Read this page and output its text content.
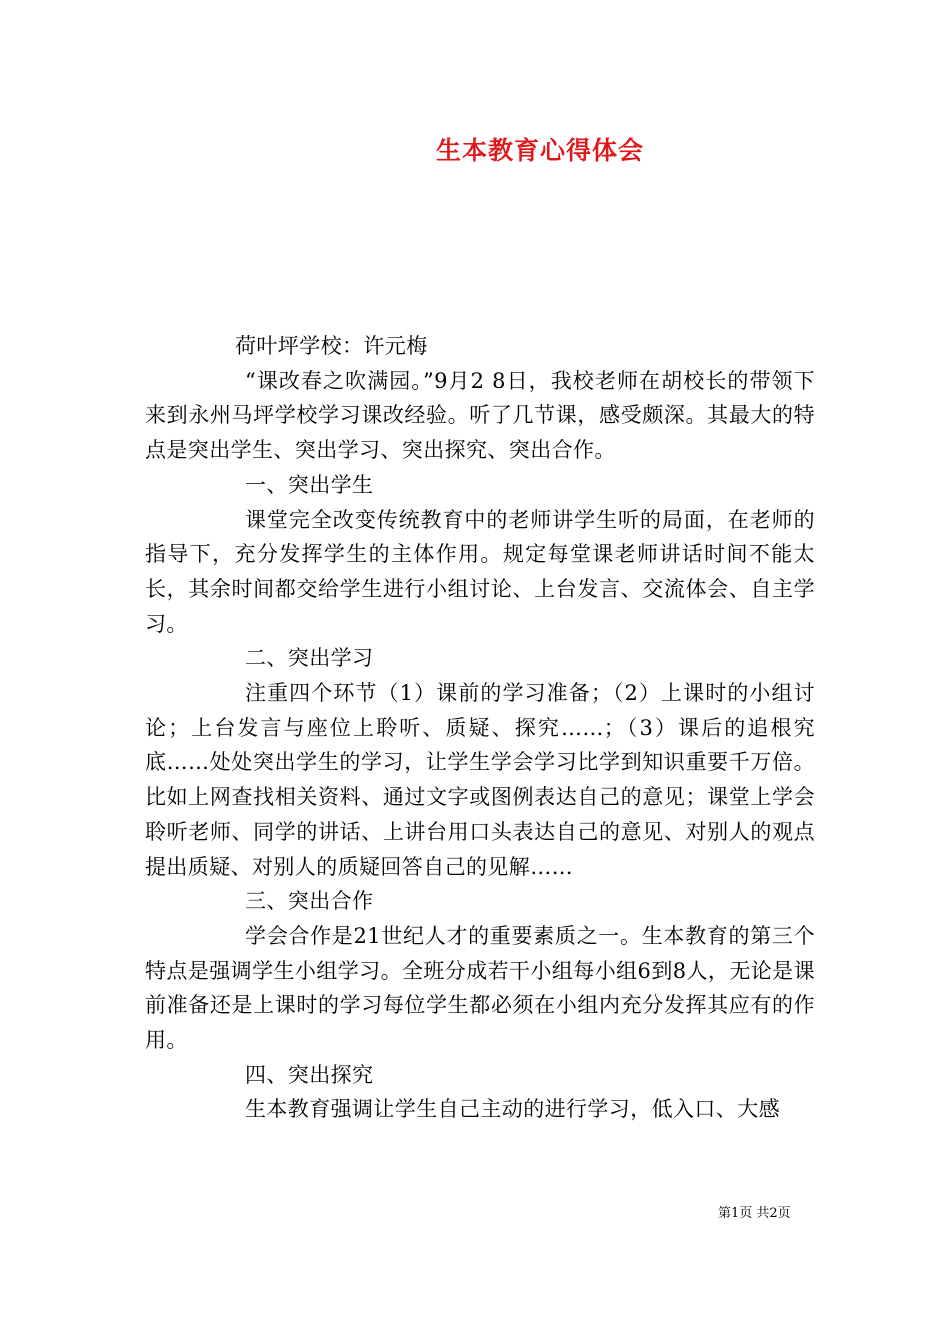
生本教育心得体会

荷叶坪学校：许元梅

“课改春之吹满园。”9月2 8日，我校老师在胡校长的带领下来到永州马坪学校学习课改经验。听了几节课，感受颇深。其最大的特点是突出学生、突出学习、突出探究、突出合作。

一、突出学生

课堂完全改变传统教育中的老师讲学生听的局面，在老师的指导下，充分发挥学生的主体作用。规定每堂课老师讲话时间不能太长，其余时间都交给学生进行小组讨论、上台发言、交流体会、自主学习。

二、突出学习

注重四个环节（1）课前的学习准备；（2）上课时的小组讨论；上台发言与座位上聆听、质疑、探究……；（3）课后的追根究底……处处突出学生的学习，让学生学会学习比学到知识重要千万倍。比如上网查找相关资料、通过文字或图例表达自己的意见；课堂上学会聆听老师、同学的讲话、上讲台用口头表达自己的意见、对别人的观点提出质疑、对别人的质疑回答自己的见解……

三、突出合作

学会合作是21世纪人才的重要素质之一。生本教育的第三个特点是强调学生小组学习。全班分成若干小组每小组6到8人，无论是课前准备还是上课时的学习每位学生都必须在小组内充分发挥其应有的作用。

四、突出探究

生本教育强调让学生自己主动的进行学习，低入口、大感

第1页 共2页
